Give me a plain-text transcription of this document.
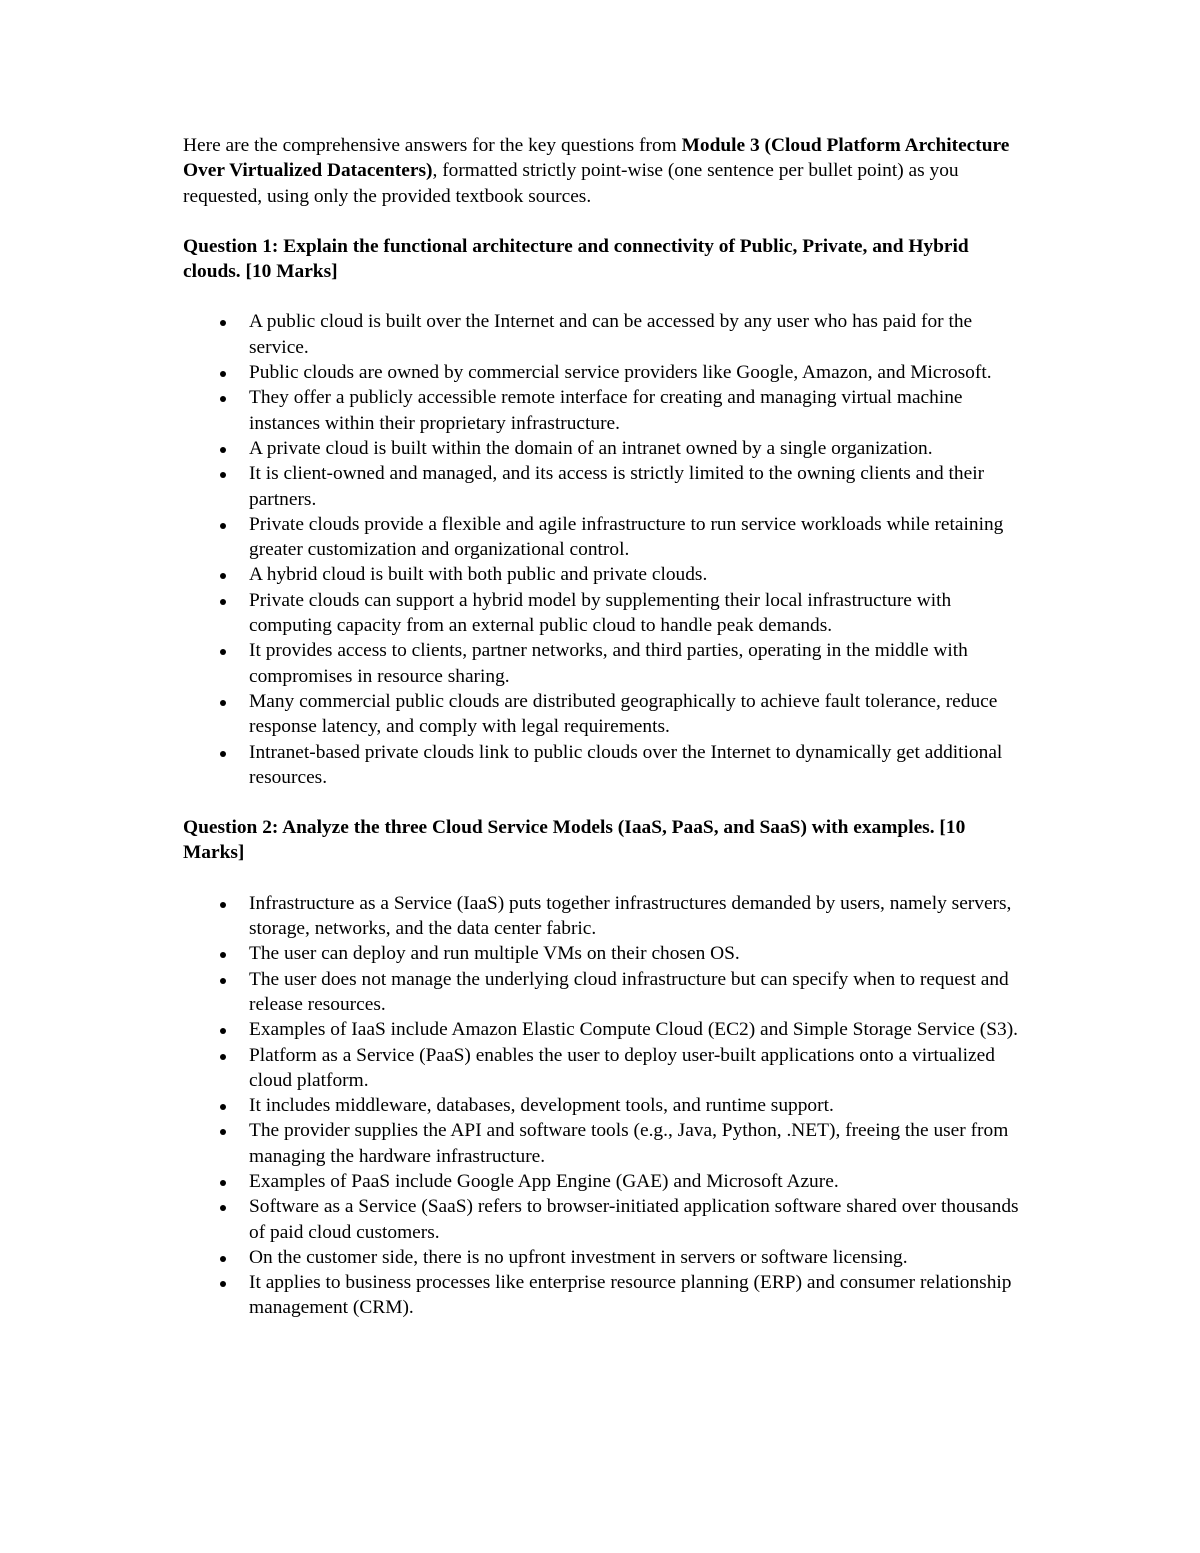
Here are the comprehensive answers for the key questions from Module 3 (Cloud Platform Architecture Over Virtualized Datacenters), formatted strictly point-wise (one sentence per bullet point) as you requested, using only the provided textbook sources.

Question 1: Explain the functional architecture and connectivity of Public, Private, and Hybrid clouds. [10 Marks]

A public cloud is built over the Internet and can be accessed by any user who has paid for the service.
Public clouds are owned by commercial service providers like Google, Amazon, and Microsoft.
They offer a publicly accessible remote interface for creating and managing virtual machine instances within their proprietary infrastructure.
A private cloud is built within the domain of an intranet owned by a single organization.
It is client-owned and managed, and its access is strictly limited to the owning clients and their partners.
Private clouds provide a flexible and agile infrastructure to run service workloads while retaining greater customization and organizational control.
A hybrid cloud is built with both public and private clouds.
Private clouds can support a hybrid model by supplementing their local infrastructure with computing capacity from an external public cloud to handle peak demands.
It provides access to clients, partner networks, and third parties, operating in the middle with compromises in resource sharing.
Many commercial public clouds are distributed geographically to achieve fault tolerance, reduce response latency, and comply with legal requirements.
Intranet-based private clouds link to public clouds over the Internet to dynamically get additional resources.

Question 2: Analyze the three Cloud Service Models (IaaS, PaaS, and SaaS) with examples. [10 Marks]

Infrastructure as a Service (IaaS) puts together infrastructures demanded by users, namely servers, storage, networks, and the data center fabric.
The user can deploy and run multiple VMs on their chosen OS.
The user does not manage the underlying cloud infrastructure but can specify when to request and release resources.
Examples of IaaS include Amazon Elastic Compute Cloud (EC2) and Simple Storage Service (S3).
Platform as a Service (PaaS) enables the user to deploy user-built applications onto a virtualized cloud platform.
It includes middleware, databases, development tools, and runtime support.
The provider supplies the API and software tools (e.g., Java, Python, .NET), freeing the user from managing the hardware infrastructure.
Examples of PaaS include Google App Engine (GAE) and Microsoft Azure.
Software as a Service (SaaS) refers to browser-initiated application software shared over thousands of paid cloud customers.
On the customer side, there is no upfront investment in servers or software licensing.
It applies to business processes like enterprise resource planning (ERP) and consumer relationship management (CRM).
